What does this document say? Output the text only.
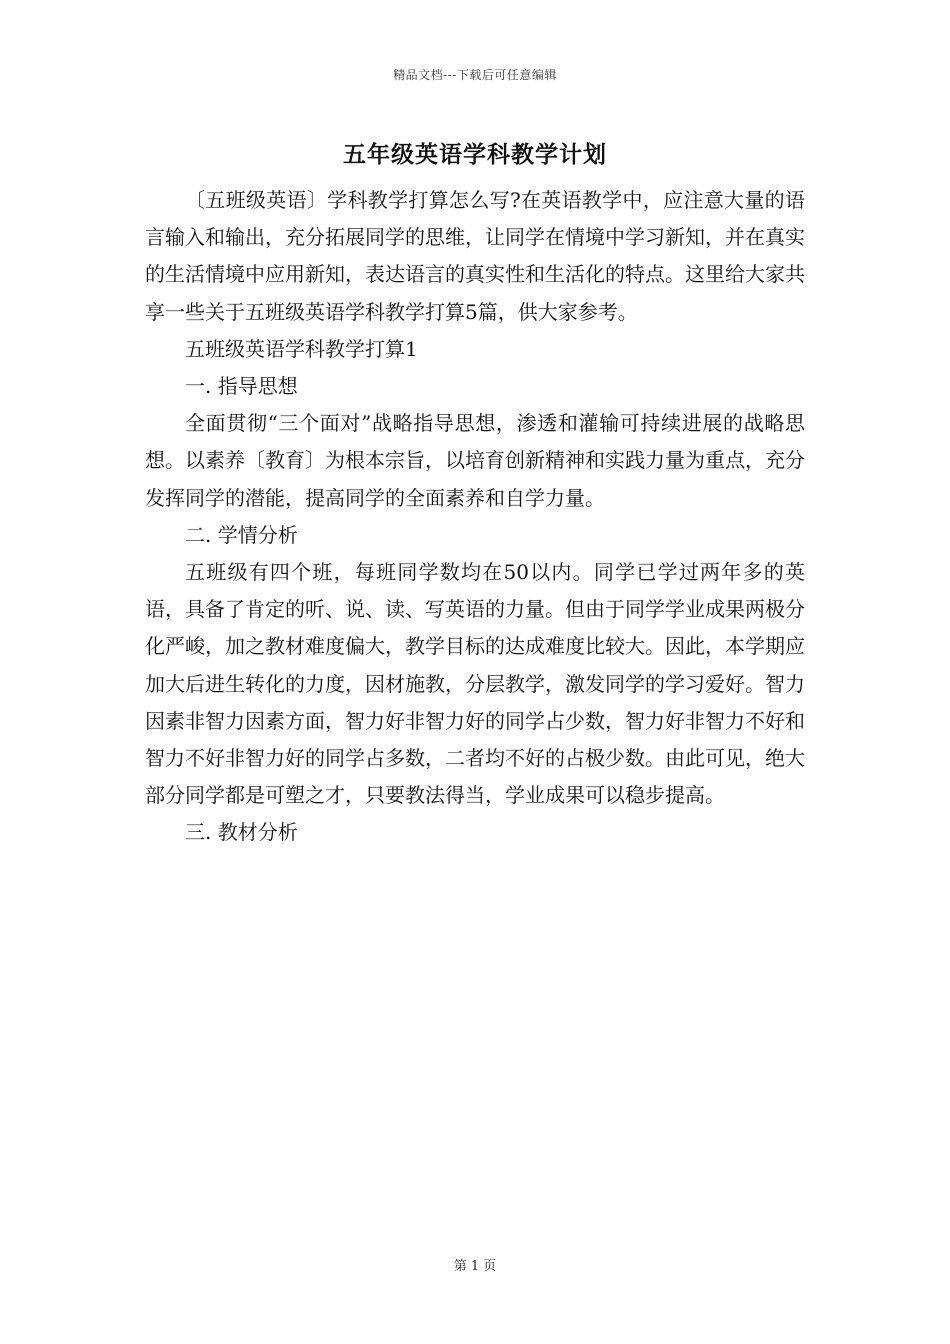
精品文档---下载后可任意编辑
五年级英语学科教学计划

〔五班级英语〕学科教学打算怎么写?在英语教学中，应注意大量的语言输入和输出，充分拓展同学的思维，让同学在情境中学习新知，并在真实的生活情境中应用新知，表达语言的真实性和生活化的特点。这里给大家共享一些关于五班级英语学科教学打算5篇，供大家参考。

五班级英语学科教学打算1

一. 指导思想

全面贯彻“三个面对”战略指导思想，渗透和灌输可持续进展的战略思想。以素养〔教育〕为根本宗旨，以培育创新精神和实践力量为重点，充分发挥同学的潜能，提高同学的全面素养和自学力量。

二. 学情分析

五班级有四个班，每班同学数均在50以内。同学已学过两年多的英语，具备了肯定的听、说、读、写英语的力量。但由于同学学业成果两极分化严峻，加之教材难度偏大，教学目标的达成难度比较大。因此，本学期应加大后进生转化的力度，因材施教，分层教学，激发同学的学习爱好。智力因素非智力因素方面，智力好非智力好的同学占少数，智力好非智力不好和智力不好非智力好的同学占多数，二者均不好的占极少数。由此可见，绝大部分同学都是可塑之才，只要教法得当，学业成果可以稳步提高。

三. 教材分析

第 1 页
